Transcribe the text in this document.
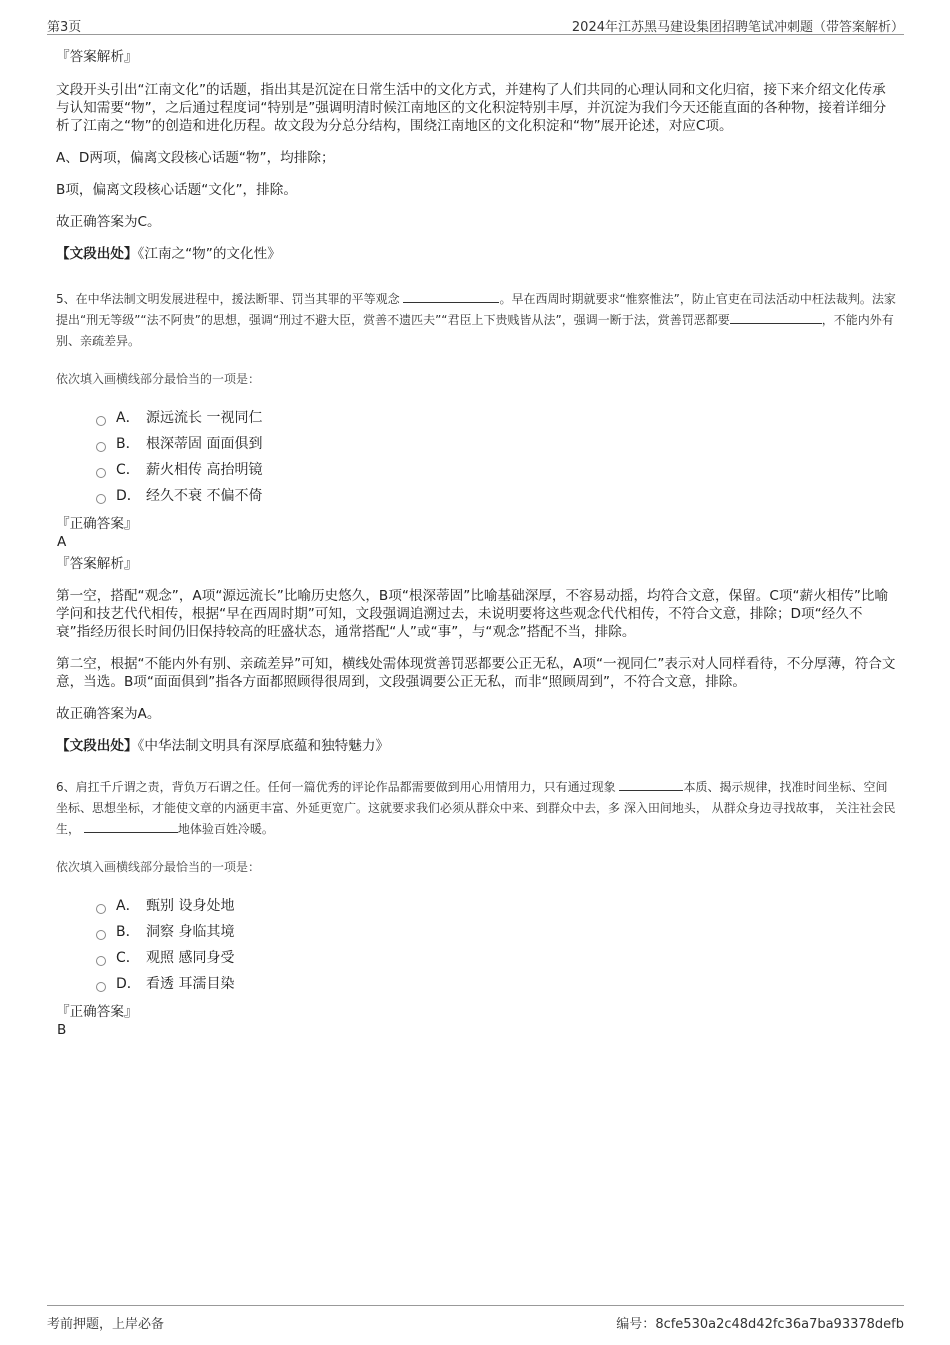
第3页	2024年江苏黑马建设集团招聘笔试冲刺题（带答案解析）
『答案解析』
文段开头引出“江南文化”的话题，指出其是沉淀在日常生活中的文化方式，并建构了人们共同的心理认同和文化归宿，接下来介绍文化传承与认知需要“物”，之后通过程度词“特别是”强调明清时候江南地区的文化积淀特别丰厚，并沉淀为我们今天还能直面的各种物，接着详细分析了江南之“物”的创造和进化历程。故文段为分总分结构，围绕江南地区的文化积淀和“物”展开论述，对应C项。
A、D两项，偏离文段核心话题“物”，均排除；
B项，偏离文段核心话题“文化”，排除。
故正确答案为C。
【文段出处】《江南之“物”的文化性》
5、在中华法制文明发展进程中，援法断罪、罚当其罪的平等观念	。早在西周时期就要求“惟察惟法”，防止官吏在司法活动中枉法裁判。法家提出“刑无等级”“法不阿贵”的思想，强调“刑过不避大臣，赏善不遗匹夫”“君臣上下贵贱皆从法”，强调一断于法，赏善罚恶都要	，不能内外有别、亲疏差异。
依次填入画横线部分最恰当的一项是：
A． 源远流长 一视同仁
B． 根深蒂固 面面俱到
C． 薪火相传 高抬明镜
D． 经久不衰 不偏不倚
『正确答案』
A
『答案解析』
第一空，搭配“观念”，A项“源远流长”比喻历史悠久，B项“根深蒂固”比喻基础深厚，不容易动摇，均符合文意，保留。C项“薪火相传”比喻学问和技艺代代相传，根据“早在西周时期”可知，文段强调追溯过去，未说明要将这些观念代代相传，不符合文意，排除；D项“经久不衰”指经历很长时间仍旧保持较高的旺盛状态，通常搭配“人”或“事”，与“观念”搭配不当，排除。
第二空，根据“不能内外有别、亲疏差异”可知，横线处需体现赏善罚恶都要公正无私，A项“一视同仁”表示对人同样看待，不分厚薄，符合文意，当选。B项“面面俱到”指各方面都照顾得很周到，文段强调要公正无私，而非“照顾周到”，不符合文意，排除。
故正确答案为A。
【文段出处】《中华法制文明具有深厚底蕴和独特魅力》
6、肩扛千斤谓之责，背负万石谓之任。任何一篇优秀的评论作品都需要做到用心用情用力，只有通过现象	本质、揭示规律，找准时间坐标、空间坐标、思想坐标，才能使文章的内涵更丰富、外延更宽广。这就要求我们必须从群众中来、到群众中去，多 深入田间地头， 从群众身边寻找故事， 关注社会民生，	地体验百姓冷暖。
依次填入画横线部分最恰当的一项是：
A． 甄别 设身处地
B． 洞察 身临其境
C． 观照 感同身受
D． 看透 耳濡目染
『正确答案』
B
考前押题，上岸必备	编号：8cfe530a2c48d42fc36a7ba93378defb
